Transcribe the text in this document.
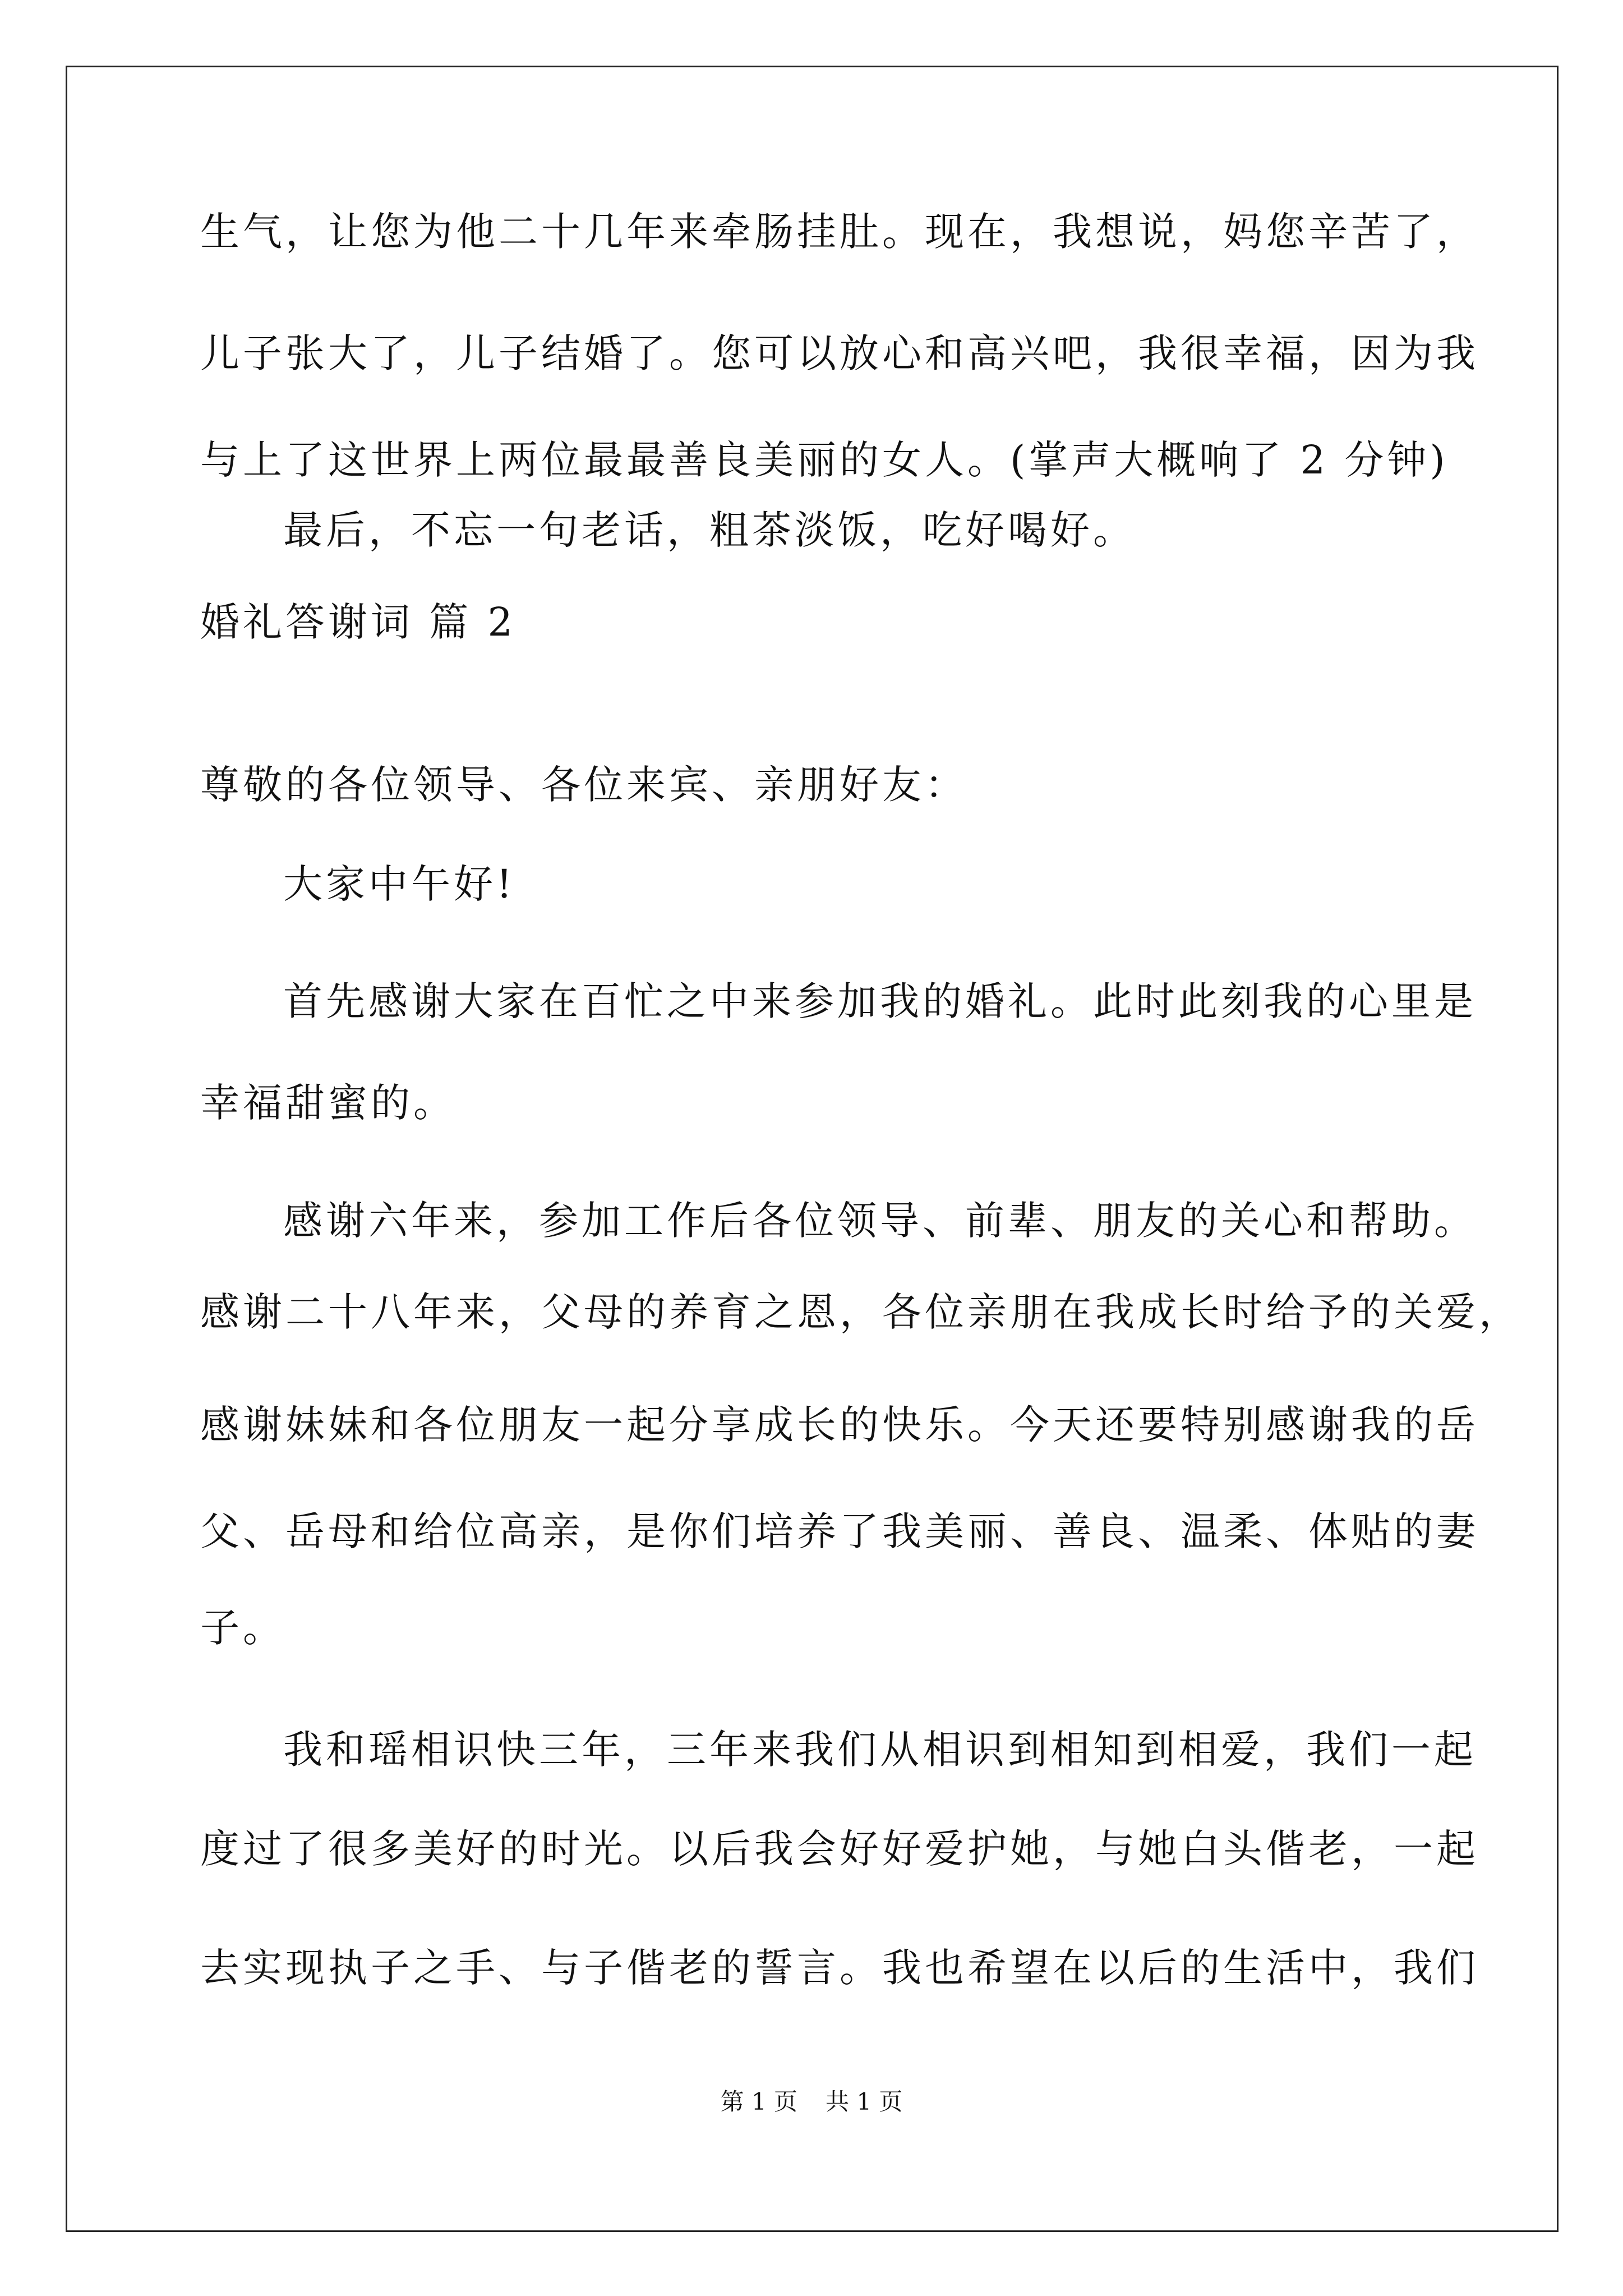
生气，让您为他二十几年来牵肠挂肚。现在，我想说，妈您辛苦了，
儿子张大了，儿子结婚了。您可以放心和高兴吧，我很幸福，因为我
与上了这世界上两位最最善良美丽的女人。(掌声大概响了 2 分钟)
最后，不忘一句老话，粗茶淡饭，吃好喝好。
婚礼答谢词 篇 2
尊敬的各位领导、各位来宾、亲朋好友：
大家中午好!
首先感谢大家在百忙之中来参加我的婚礼。此时此刻我的心里是
幸福甜蜜的。
感谢六年来，参加工作后各位领导、前辈、朋友的关心和帮助。
感谢二十八年来，父母的养育之恩，各位亲朋在我成长时给予的关爱，
感谢妹妹和各位朋友一起分享成长的快乐。今天还要特别感谢我的岳
父、岳母和给位高亲，是你们培养了我美丽、善良、温柔、体贴的妻
子。
我和瑶相识快三年，三年来我们从相识到相知到相爱，我们一起
度过了很多美好的时光。以后我会好好爱护她，与她白头偕老，一起
去实现执子之手、与子偕老的誓言。我也希望在以后的生活中，我们
第 1 页 共 1 页
